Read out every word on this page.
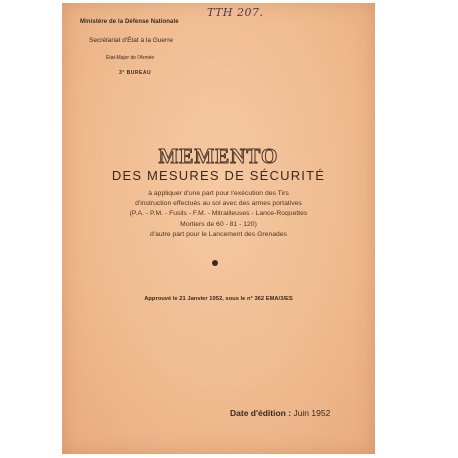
Ministère de la Défense Nationale
Secrétariat d'État à la Guerre
État-Major de l'Armée
3° BUREAU
TTH 207.
MEMENTO
DES MESURES DE SÉCURITÉ
à appliquer d'une part pour l'exécution des Tirs
d'instruction effectués au sol avec des armes portatives
(P.A. - P.M. - Fusils - F.M. - Mitrailleuses - Lance-Roquettes
Mortiers de 60 - 81 - 120)
d'autre part pour le Lancement des Grenades
Approuvé le 21 Janvier 1952, sous le n° 362 EMA/3/ES
Date d'édition : Juin 1952
